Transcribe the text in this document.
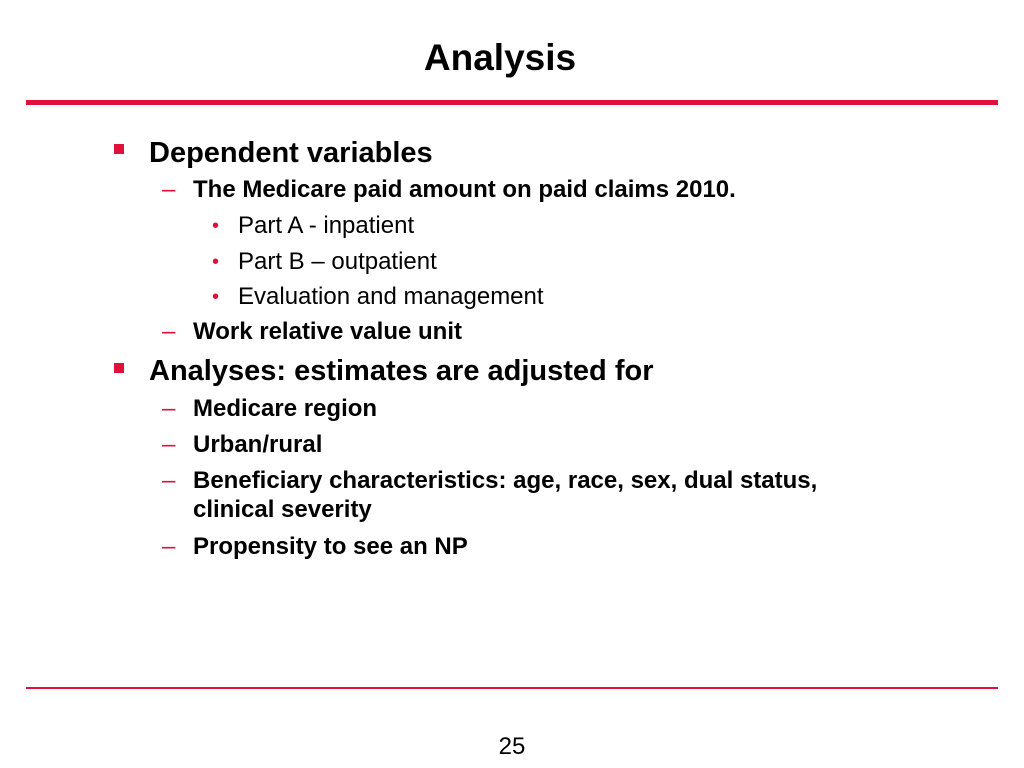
Analysis
Dependent variables
– The Medicare paid amount on paid claims 2010.
• Part A - inpatient
• Part B – outpatient
• Evaluation and management
– Work relative value unit
Analyses: estimates are adjusted for
– Medicare region
– Urban/rural
– Beneficiary characteristics: age, race, sex, dual status,
clinical severity
– Propensity to see an NP
25
